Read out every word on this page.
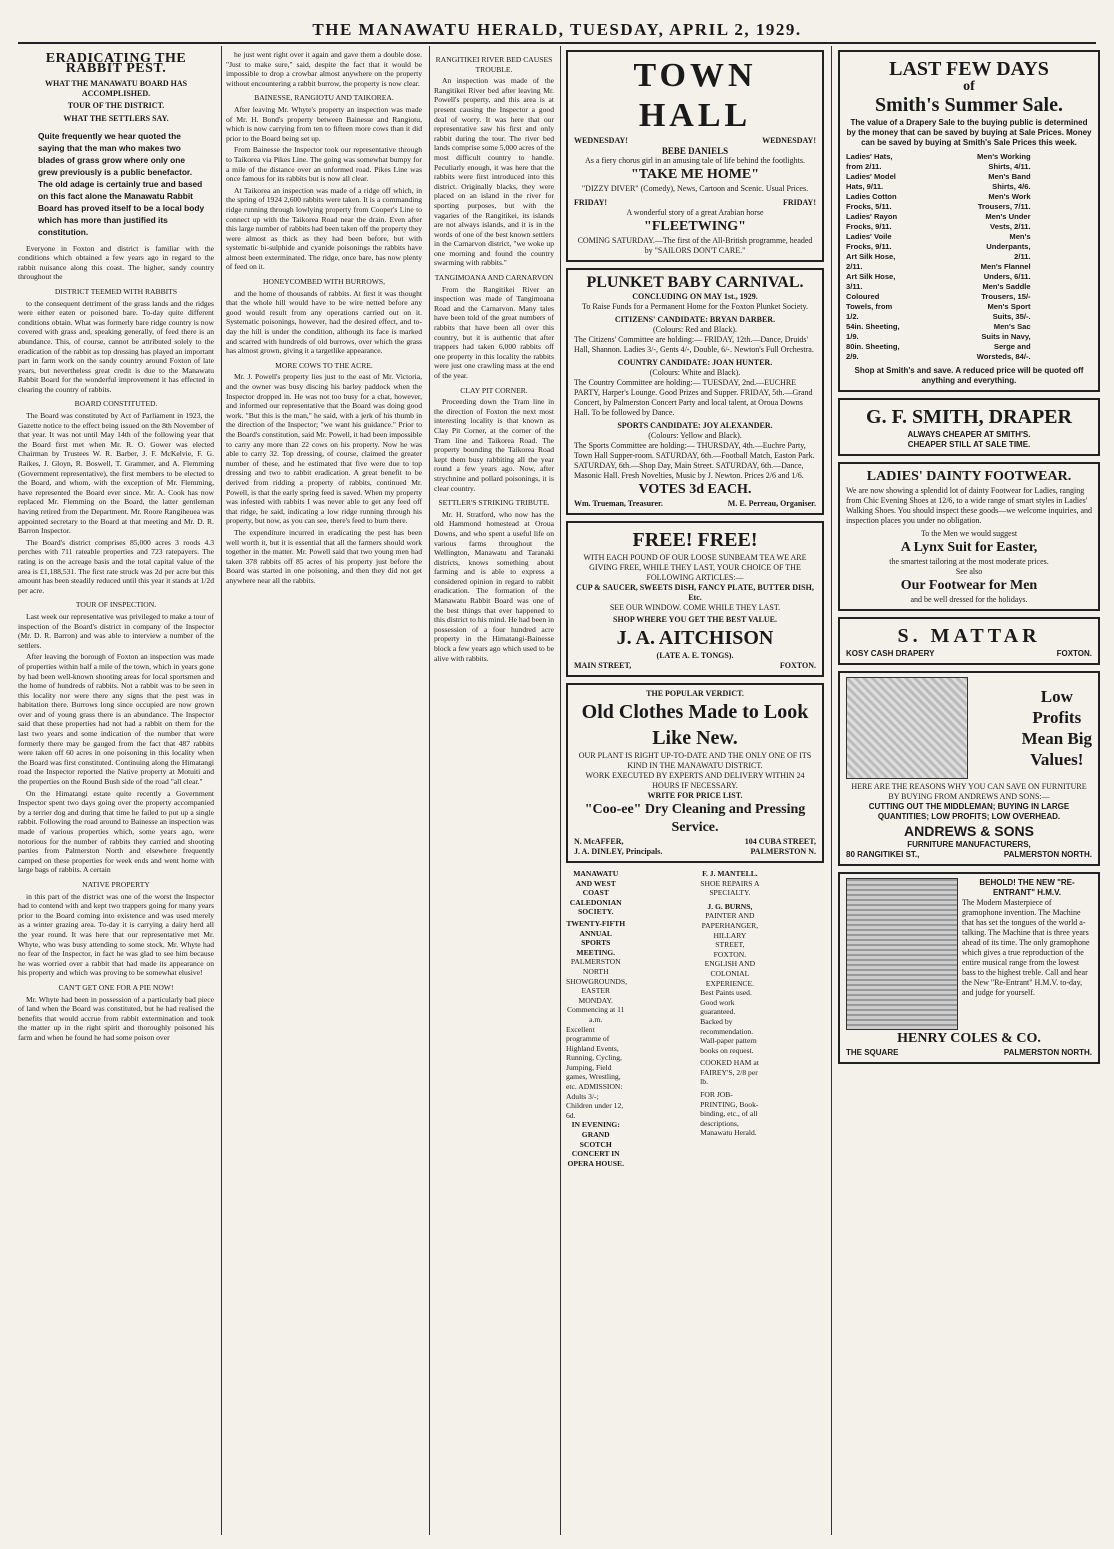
THE MANAWATU HERALD, TUESDAY, APRIL 2, 1929.
ERADICATING THE RABBIT PEST.
WHAT THE MANAWATU BOARD HAS ACCOMPLISHED.
TOUR OF THE DISTRICT.
WHAT THE SETTLERS SAY.
Quite frequently we hear quoted the saying that the man who makes two blades of grass grow where only one grew previously is a public benefactor. The old adage is certainly true and based on this fact alone the Manawatu Rabbit Board has proved itself to be a local body which has more than justified its constitution.

Everyone in Foxton and district is familiar with the conditions which obtained a few years ago in regard to the rabbit nuisance along this coast. The higher, sandy country throughout the

DISTRICT TEEMED WITH RABBITS

to the consequent detriment of the grass lands and the ridges were either eaten or poisoned bare. To-day quite different conditions obtain. What was formerly bare ridge country is now covered with grass and, speaking generally, of feed there is an abundance. This, of course, cannot be attributed solely to the eradication of the rabbit as top dressing has played an important part in farm work on the sandy country around Foxton of late years, but nevertheless great credit is due to the Manawatu Rabbit Board for the wonderful improvement it has effected in clearing the country of rabbits.

BOARD CONSTITUTED.

The Board was constituted by Act of Parliament in 1923, the Gazette notice to the effect being issued on the 8th November of that year. It was not until May 14th of the following year that the Board first met when Mr. R. O. Gower was elected Chairman by Trustees W. R. Barber, J. F. McKelvie, F. G. Raikes, J. Gloyn, R. Boswell, T. Grammer, and A. Flemming (Government representative), the first members to be elected to the Board, and whom, with the exception of Mr. Flemming, have represented the Board ever since. Mr. A. Cook has now replaced Mr. Flemming on the Board, the latter gentleman having retired from the Department. Mr. Roore Rangiheuea was appointed secretary to the Board at that meeting and Mr. D. R. Barron Inspector.

The Board's district comprises 85,000 acres 3 roods 4.3 perches with 711 rateable properties and 723 ratepayers. The rating is on the acreage basis and the total capital value of the area is £1,188,531. The first rate struck was 2d per acre but this amount has been steadily reduced until this year it stands at 1/2d per acre.

TOUR OF INSPECTION.

Last week our representative was privileged to make a tour of inspection of the Board's district in company of the Inspector (Mr. D. R. Barron) and was able to interview a number of the settlers.

After leaving the borough of Foxton an inspection was made of properties within half a mile of the town, which in years gone by had been well-known shooting areas for local sportsmen and the home of hundreds of rabbits. Not a rabbit was to be seen in this locality nor were there any signs that the pest was in habitation there. Burrows long since occupied are now grown over and of young grass there is an abundance. The Inspector said that these properties had not had a rabbit on them for the last two years and some indication of the number that were formerly there may be gauged from the fact that 487 rabbits were taken off 60 acres in one poisoning in this locality when the Board was first constituted. Continuing along the Himatangi road the Inspector reported the Native property at Motuiti and the properties on the Round Bush side of the road "all clear."

On the Himatangi estate quite recently a Government Inspector spent two days going over the property accompanied by a terrier dog and during that time he failed to put up a single rabbit. Following the road around to Bainesse an inspection was made of various properties which, some years ago, were notorious for the number of rabbits they carried and shooting parties from Palmerston North and elsewhere frequently camped on these properties for week ends and went home with large bags of rabbits. A certain

NATIVE PROPERTY

in this part of the district was one of the worst the Inspector had to contend with and kept two trappers going for many years prior to the Board coming into existence and was used merely as a winter grazing area. To-day it is carrying a dairy herd all the year round. It was here that our representative met Mr. Whyte, who was busy attending to some stock. Mr. Whyte had no fear of the Inspector, in fact he was glad to see him because he was worried over a rabbit that had made its appearance on his property and which was proving to be somewhat elusive!

CAN'T GET ONE FOR A PIE NOW!

Mr. Whyte had been in possession of a particularly bad piece of land when the Board was constituted, but he had realised the benefits that would accrue from rabbit extermination and took the matter up in the right spirit and thoroughly poisoned his farm and when he found he had some poison over

he just went right over it again and gave them a double dose. "Just to make sure," said, despite the fact that it would be impossible to drop a crowbar almost anywhere on the property without encountering a rabbit burrow, the property is now clear.

BAINESSE, RANGIOTU AND TAIKOREA.

After leaving Mr. Whyte's property an inspection was made of Mr. H. Bond's property between Bainesse and Rangiotu, which is now carrying from ten to fifteen more cows than it did prior to the Board being set up.

From Bainesse the Inspector took our representative through to Taikorea via Pikes Line. The going was somewhat bumpy for a mile of the distance over an unformed road. Pikes Line was once famous for its rabbits but is now all clear.

At Taikorea an inspection was made of a ridge off which, in the spring of 1924 2,600 rabbits were taken. It is a commanding ridge running through lowlying property from Cooper's Line to connect up with the Taikorea Road near the drain. Even after this large number of rabbits had been taken off the property they were almost as thick as they had been before, but with systematic bi-sulphide and cyanide poisonings the rabbits have almost been exterminated. The ridge, once bare, has now plenty of feed on it.

HONEYCOMBED WITH BURROWS,

and the home of thousands of rabbits. At first it was thought that the whole hill would have to be wire netted before any good would result from any operations carried out on it. Systematic poisonings, however, had the desired effect, and to-day the hill is under the condition, although its face is marked and scarred with hundreds of old burrows, over which the grass has almost grown, giving it a targetlike appearance.

MORE COWS TO THE ACRE.

Mr. J. Powell's property lies just to the east of Mr. Victoria, and the owner was busy discing his barley paddock when the Inspector dropped in. He was not too busy for a chat, however, and informed our representative that the Board was doing good work. "But this is the man," he said, with a jerk of his thumb in the direction of the Inspector; "we want his guidance." Prior to the Board's constitution, said Mr. Powell, it had been impossible to carry any more than 22 cows on his property. Now he was able to carry 32. Top dressing, of course, claimed the greater number of these, and he estimated that five were due to top dressing and two to rabbit eradication. A great benefit to be derived from ridding a property of rabbits, continued Mr. Powell, is that the early spring feed is saved. When my property was infested with rabbits I was never able to get any feed off that ridge, he said, indicating a low ridge running through his property, but now, as you can see, there's feed to burn there.

The expenditure incurred in eradicating the pest has been well worth it, but it is essential that all the farmers should work together in the matter. Mr. Powell said that two young men had taken 378 rabbits off 85 acres of his property just before the Board was started in one poisoning, and then they did not get anywhere near all the rabbits.

RANGITIKEI RIVER BED CAUSES TROUBLE.

An inspection was made of the Rangitikei River bed after leaving Mr. Powell's property, and this area is at present causing the Inspector a good deal of worry. It was here that our representative saw his first and only rabbit during the tour. The river bed lands comprise some 5,000 acres of the most difficult country to handle. Peculiarly enough, it was here that the rabbits were first introduced into this district. Originally blacks, they were placed on an island in the river for sporting purposes, but with the vagaries of the Rangitikei, its islands are not always islands, and it is in the words of one of the best known settlers in the Carnarvon district, "we woke up one morning and found the country swarming with rabbits."

TANGIMOANA AND CARNARVON

From the Rangitikei River an inspection was made of Tangimoana Road and the Carnarvon. Many tales have been told of the great numbers of rabbits that have been all over this country, but it is authentic that after trappers had taken 6,000 rabbits off one property in this locality the rabbits were just one crawling mass at the end of the year.

CLAY PIT CORNER.

Proceeding down the Tram line in the direction of Foxton the next most interesting locality is that known as Clay Pit Corner, at the corner of the Tram line and Taikorea Road. The property bounding the Taikorea Road kept them busy rabbiting all the year round a few years ago. Now, after strychnine and pollard poisonings, it is clear country.

SETTLER'S STRIKING TRIBUTE.

Mr. H. Stratford, who now has the old Hammond homestead at Oroua Downs, and who spent a useful life on various farms throughout the Wellington, Manawatu and Taranaki districts, knows something about farming and is able to express a considered opinion in regard to rabbit eradication. The formation of the Manawatu Rabbit Board was one of the best things that ever happened to this district to his mind. He had been in possession of a four hundred acre property in the Himatangi-Bainesse block a few years ago which used to be alive with rabbits.

TOWN HALL
WEDNESDAY!	WEDNESDAY!
BEBE DANIELS
As a fiery chorus girl in an amusing tale of life behind the footlights.
"TAKE ME HOME"
"DIZZY DIVER" (Comedy), News, Cartoon and Scenic. Usual Prices.
FRIDAY!	FRIDAY!
A wonderful story of a great Arabian horse
"FLEETWING"
COMING SATURDAY.—The first of the All-British programme, headed by "SAILORS DON'T CARE."
PLUNKET BABY CARNIVAL.
CONCLUDING ON MAY 1st., 1929.
To Raise Funds for a Permanent Home for the Foxton Plunket Society.
CITIZENS' CANDIDATE: BRYAN DARBER.
(Colours: Red and Black).
The Citizens' Committee are holding:— FRIDAY, 12th.—Dance, Druids' Hall, Shannon. Ladies 3/-, Gents 4/-, Double, 6/-. Newton's Full Orchestra.
COUNTRY CANDIDATE: JOAN HUNTER.
(Colours: White and Black).
The Country Committee are holding:— TUESDAY, 2nd.—EUCHRE PARTY, Harper's Lounge. Good Prizes and Supper. FRIDAY, 5th.—Grand Concert, by Palmerston Concert Party and local talent, at Oroua Downs Hall. To be followed by Dance.
SPORTS CANDIDATE: JOY ALEXANDER.
(Colours: Yellow and Black).
The Sports Committee are holding:— THURSDAY, 4th.—Euchre Party, Town Hall Supper-room. SATURDAY, 6th.—Football Match, Easton Park. SATURDAY, 6th.—Shop Day, Main Street. SATURDAY, 6th.—Dance, Masonic Hall. Fresh Novelties, Music by J. Newton. Prices 2/6 and 1/6.
VOTES 3d EACH.
Wm. Trueman, Treasurer.	M. E. Perreau, Organiser.
FREE! FREE!
WITH EACH POUND OF OUR LOOSE SUNBEAM TEA WE ARE GIVING FREE, WHILE THEY LAST, YOUR CHOICE OF THE FOLLOWING ARTICLES:—
CUP & SAUCER, SWEETS DISH, FANCY PLATE, BUTTER DISH, Etc.
SEE OUR WINDOW. COME WHILE THEY LAST.
SHOP WHERE YOU GET THE BEST VALUE.
J. A. AITCHISON
(LATE A. E. TONGS).
MAIN STREET,	FOXTON.
THE POPULAR VERDICT.
Old Clothes Made to Look Like New.
OUR PLANT IS RIGHT UP-TO-DATE AND THE ONLY ONE OF ITS KIND IN THE MANAWATU DISTRICT.
WORK EXECUTED BY EXPERTS AND DELIVERY WITHIN 24 HOURS IF NECESSARY.
WRITE FOR PRICE LIST.
"Coo-ee" Dry Cleaning and Pressing Service.
N. McAFFER,	104 CUBA STREET,
J. A. DINLEY, Principals.	PALMERSTON N.
MANAWATU AND WEST COAST CALEDONIAN SOCIETY.
TWENTY-FIFTH ANNUAL SPORTS MEETING.
PALMERSTON NORTH SHOWGROUNDS, EASTER MONDAY.
Commencing at 11 a.m.
Excellent programme of Highland Events, Running, Cycling, Jumping, Field games, Wrestling, etc. ADMISSION: Adults 3/-; Children under 12, 6d.
IN EVENING: GRAND SCOTCH CONCERT IN OPERA HOUSE.
F. J. MANTELL.
SHOE REPAIRS A SPECIALTY.
J. G. BURNS,
PAINTER AND PAPERHANGER, HILLARY STREET, FOXTON.
ENGLISH AND COLONIAL EXPERIENCE.
Best Paints used. Good work guaranteed. Backed by recommendation. Wall-paper pattern books on request.
COOKED HAM at FAIREY'S, 2/8 per lb.
FOR JOB-PRINTING, Book-binding, etc., of all descriptions, Manawatu Herald.
LAST FEW DAYS
of
Smith's Summer Sale.
The value of a Drapery Sale to the buying public is determined by the money that can be saved by buying at Sale Prices. Money can be saved by buying at Smith's Sale Prices this week.
Ladies' Hats, from 2/11.
Ladies' Model Hats, 9/11.
Ladies Cotton Frocks, 5/11.
Ladies' Rayon Frocks, 9/11.
Ladies' Voile Frocks, 9/11.
Art Silk Hose, 2/11.
Art Silk Hose, 3/11.
Coloured Towels, from 1/2.
54in. Sheeting, 1/9.
80in. Sheeting, 2/9.
Men's Working Shirts, 4/11.
Men's Band Shirts, 4/6.
Men's Work Trousers, 7/11.
Men's Under Vests, 2/11.
Men's Underpants, 2/11.
Men's Flannel Unders, 6/11.
Men's Saddle Trousers, 15/-
Men's Sport Suits, 35/-.
Men's Sac Suits in Navy,
Serge and Worsteds, 84/-.
Shop at Smith's and save. A reduced price will be quoted off anything and everything.
G. F. SMITH, DRAPER
ALWAYS CHEAPER AT SMITH'S.
CHEAPER STILL AT SALE TIME.
LADIES' DAINTY FOOTWEAR.
We are now showing a splendid lot of dainty Footwear for Ladies, ranging from Chic Evening Shoes at 12/6, to a wide range of smart styles in Ladies' Walking Shoes. You should inspect these goods—we welcome inquiries, and inspection places you under no obligation.
To the Men we would suggest
A Lynx Suit for Easter,
the smartest tailoring at the most moderate prices.
See also
Our Footwear for Men
and be well dressed for the holidays.
S. MATTAR
KOSY CASH DRAPERY	FOXTON.
Low
Profits
Mean Big
Values!
HERE ARE THE REASONS WHY YOU CAN SAVE ON FURNITURE BY BUYING FROM ANDREWS AND SONS:—
CUTTING OUT THE MIDDLEMAN; BUYING IN LARGE QUANTITIES; LOW PROFITS; LOW OVERHEAD.
ANDREWS & SONS
FURNITURE MANUFACTURERS,
80 RANGITIKEI ST.,	PALMERSTON NORTH.
BEHOLD! THE NEW "RE-ENTRANT" H.M.V.
The Modern Masterpiece of gramophone invention. The Machine that has set the tongues of the world a-talking. The Machine that is three years ahead of its time. The only gramophone which gives a true reproduction of the entire musical range from the lowest bass to the highest treble. Call and hear the New "Re-Entrant" H.M.V. to-day, and judge for yourself.
HENRY COLES & CO.
THE SQUARE	PALMERSTON NORTH.
